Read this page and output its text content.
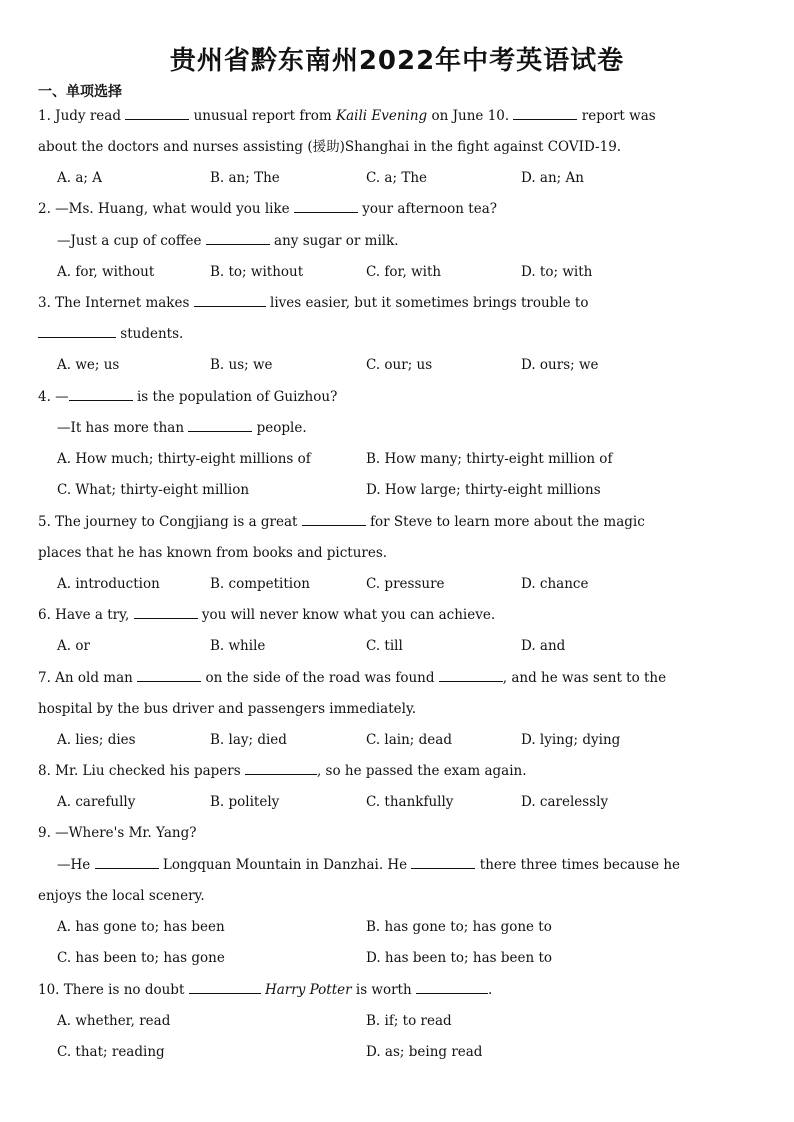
贵州省黔东南州2022年中考英语试卷
一、单项选择
1. Judy read	unusual report from Kaili Evening on June 10.	report was
about the doctors and nurses assisting (援助)Shanghai in the fight against COVID-19.
A. a; A	B. an; The	C. a; The	D. an; An
2. —Ms. Huang, what would you like	your afternoon tea?
—Just a cup of coffee	any sugar or milk.
A. for, without	B. to; without	C. for, with	D. to; with
3. The Internet makes	lives easier, but it sometimes brings trouble to
students.
A. we; us	B. us; we	C. our; us	D. ours; we
4. —	is the population of Guizhou?
—It has more than	people.
A. How much; thirty-eight millions of	B. How many; thirty-eight million of
C. What; thirty-eight million	D. How large; thirty-eight millions
5. The journey to Congjiang is a great	for Steve to learn more about the magic
places that he has known from books and pictures.
A. introduction	B. competition	C. pressure	D. chance
6. Have a try,	you will never know what you can achieve.
A. or	B. while	C. till	D. and
7. An old man	on the side of the road was found	, and he was sent to the
hospital by the bus driver and passengers immediately.
A. lies; dies	B. lay; died	C. lain; dead	D. lying; dying
8. Mr. Liu checked his papers	, so he passed the exam again.
A. carefully	B. politely	C. thankfully	D. carelessly
9. —Where's Mr. Yang?
—He	Longquan Mountain in Danzhai. He	there three times because he
enjoys the local scenery.
A. has gone to; has been	B. has gone to; has gone to
C. has been to; has gone	D. has been to; has been to
10. There is no doubt	Harry Potter is worth	.
A. whether, read	B. if; to read
C. that; reading	D. as; being read
